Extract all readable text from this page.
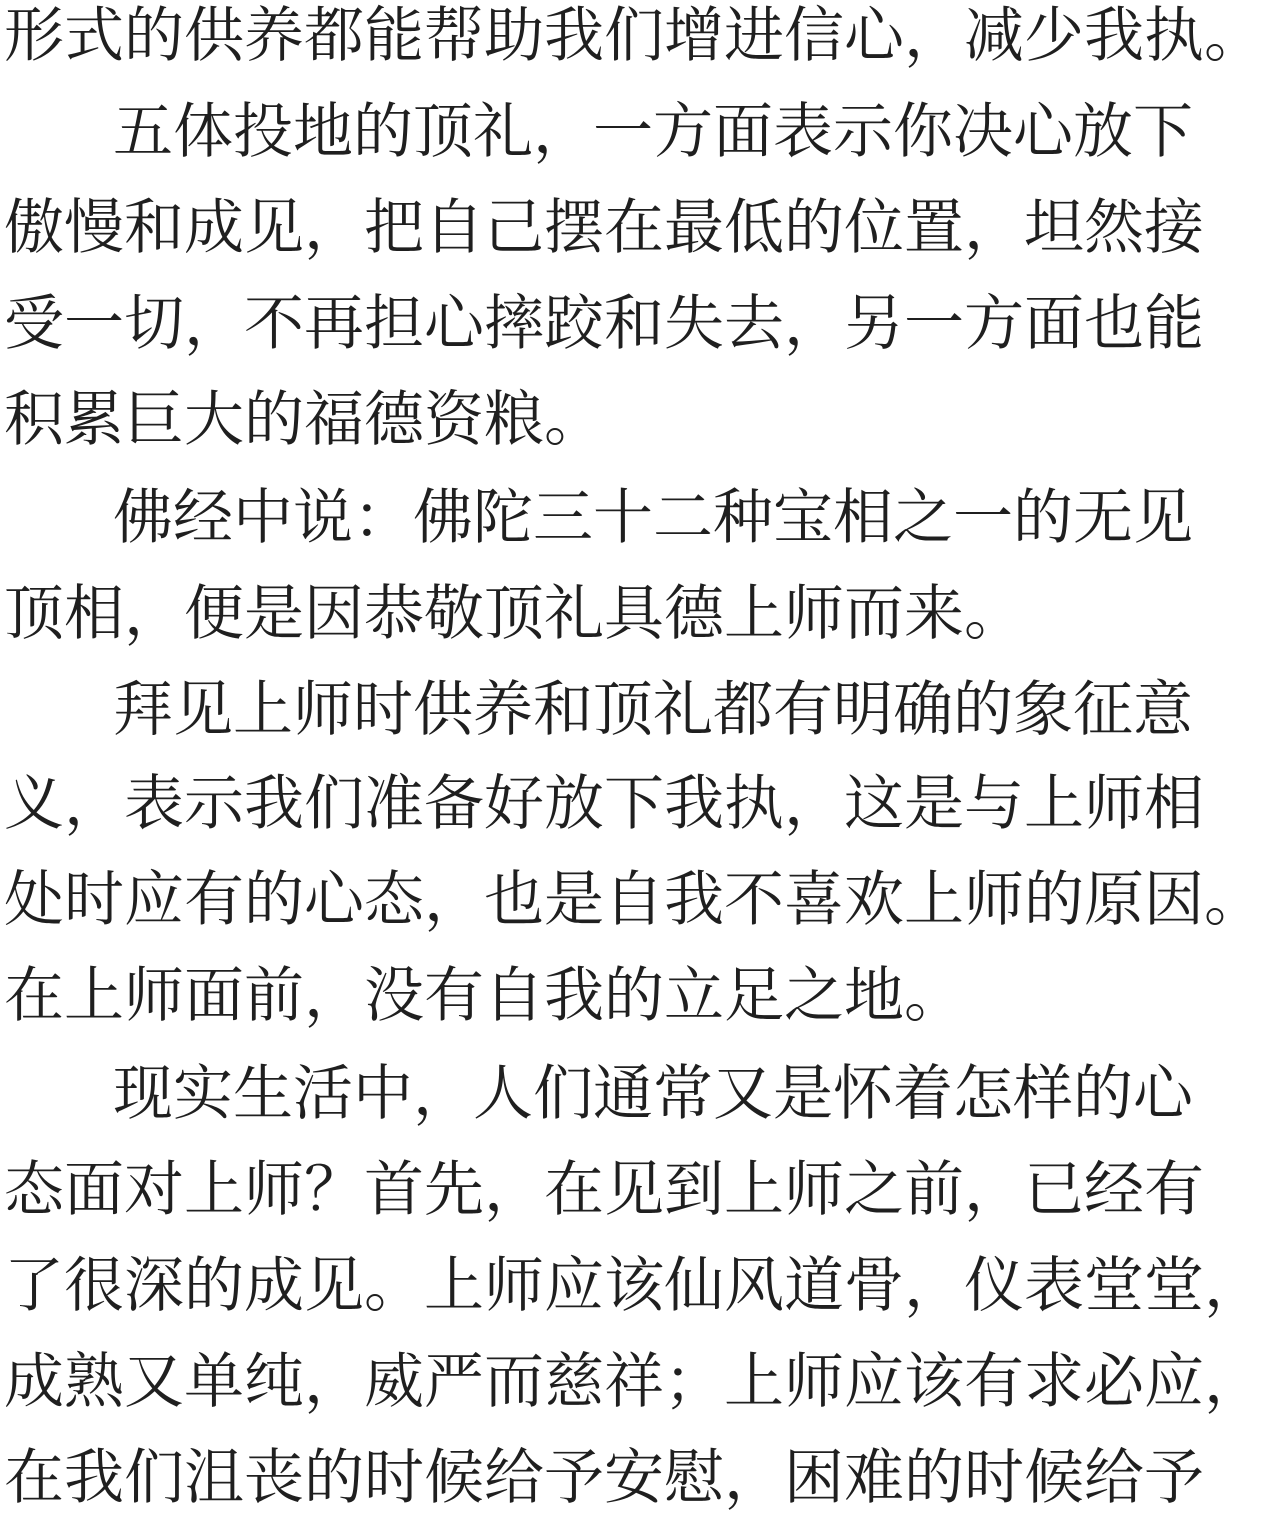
形式的供养都能帮助我们增进信心，减少我执。
五体投地的顶礼，一方面表示你决心放下
傲慢和成见，把自己摆在最低的位置，坦然接
受一切，不再担心摔跤和失去，另一方面也能
积累巨大的福德资粮。
佛经中说：佛陀三十二种宝相之一的无见
顶相，便是因恭敬顶礼具德上师而来。
拜见上师时供养和顶礼都有明确的象征意
义，表示我们准备好放下我执，这是与上师相
处时应有的心态，也是自我不喜欢上师的原因。
在上师面前，没有自我的立足之地。
现实生活中，人们通常又是怀着怎样的心
态面对上师？首先，在见到上师之前，已经有
了很深的成见。上师应该仙风道骨，仪表堂堂，
成熟又单纯，威严而慈祥；上师应该有求必应，
在我们沮丧的时候给予安慰，困难的时候给予
